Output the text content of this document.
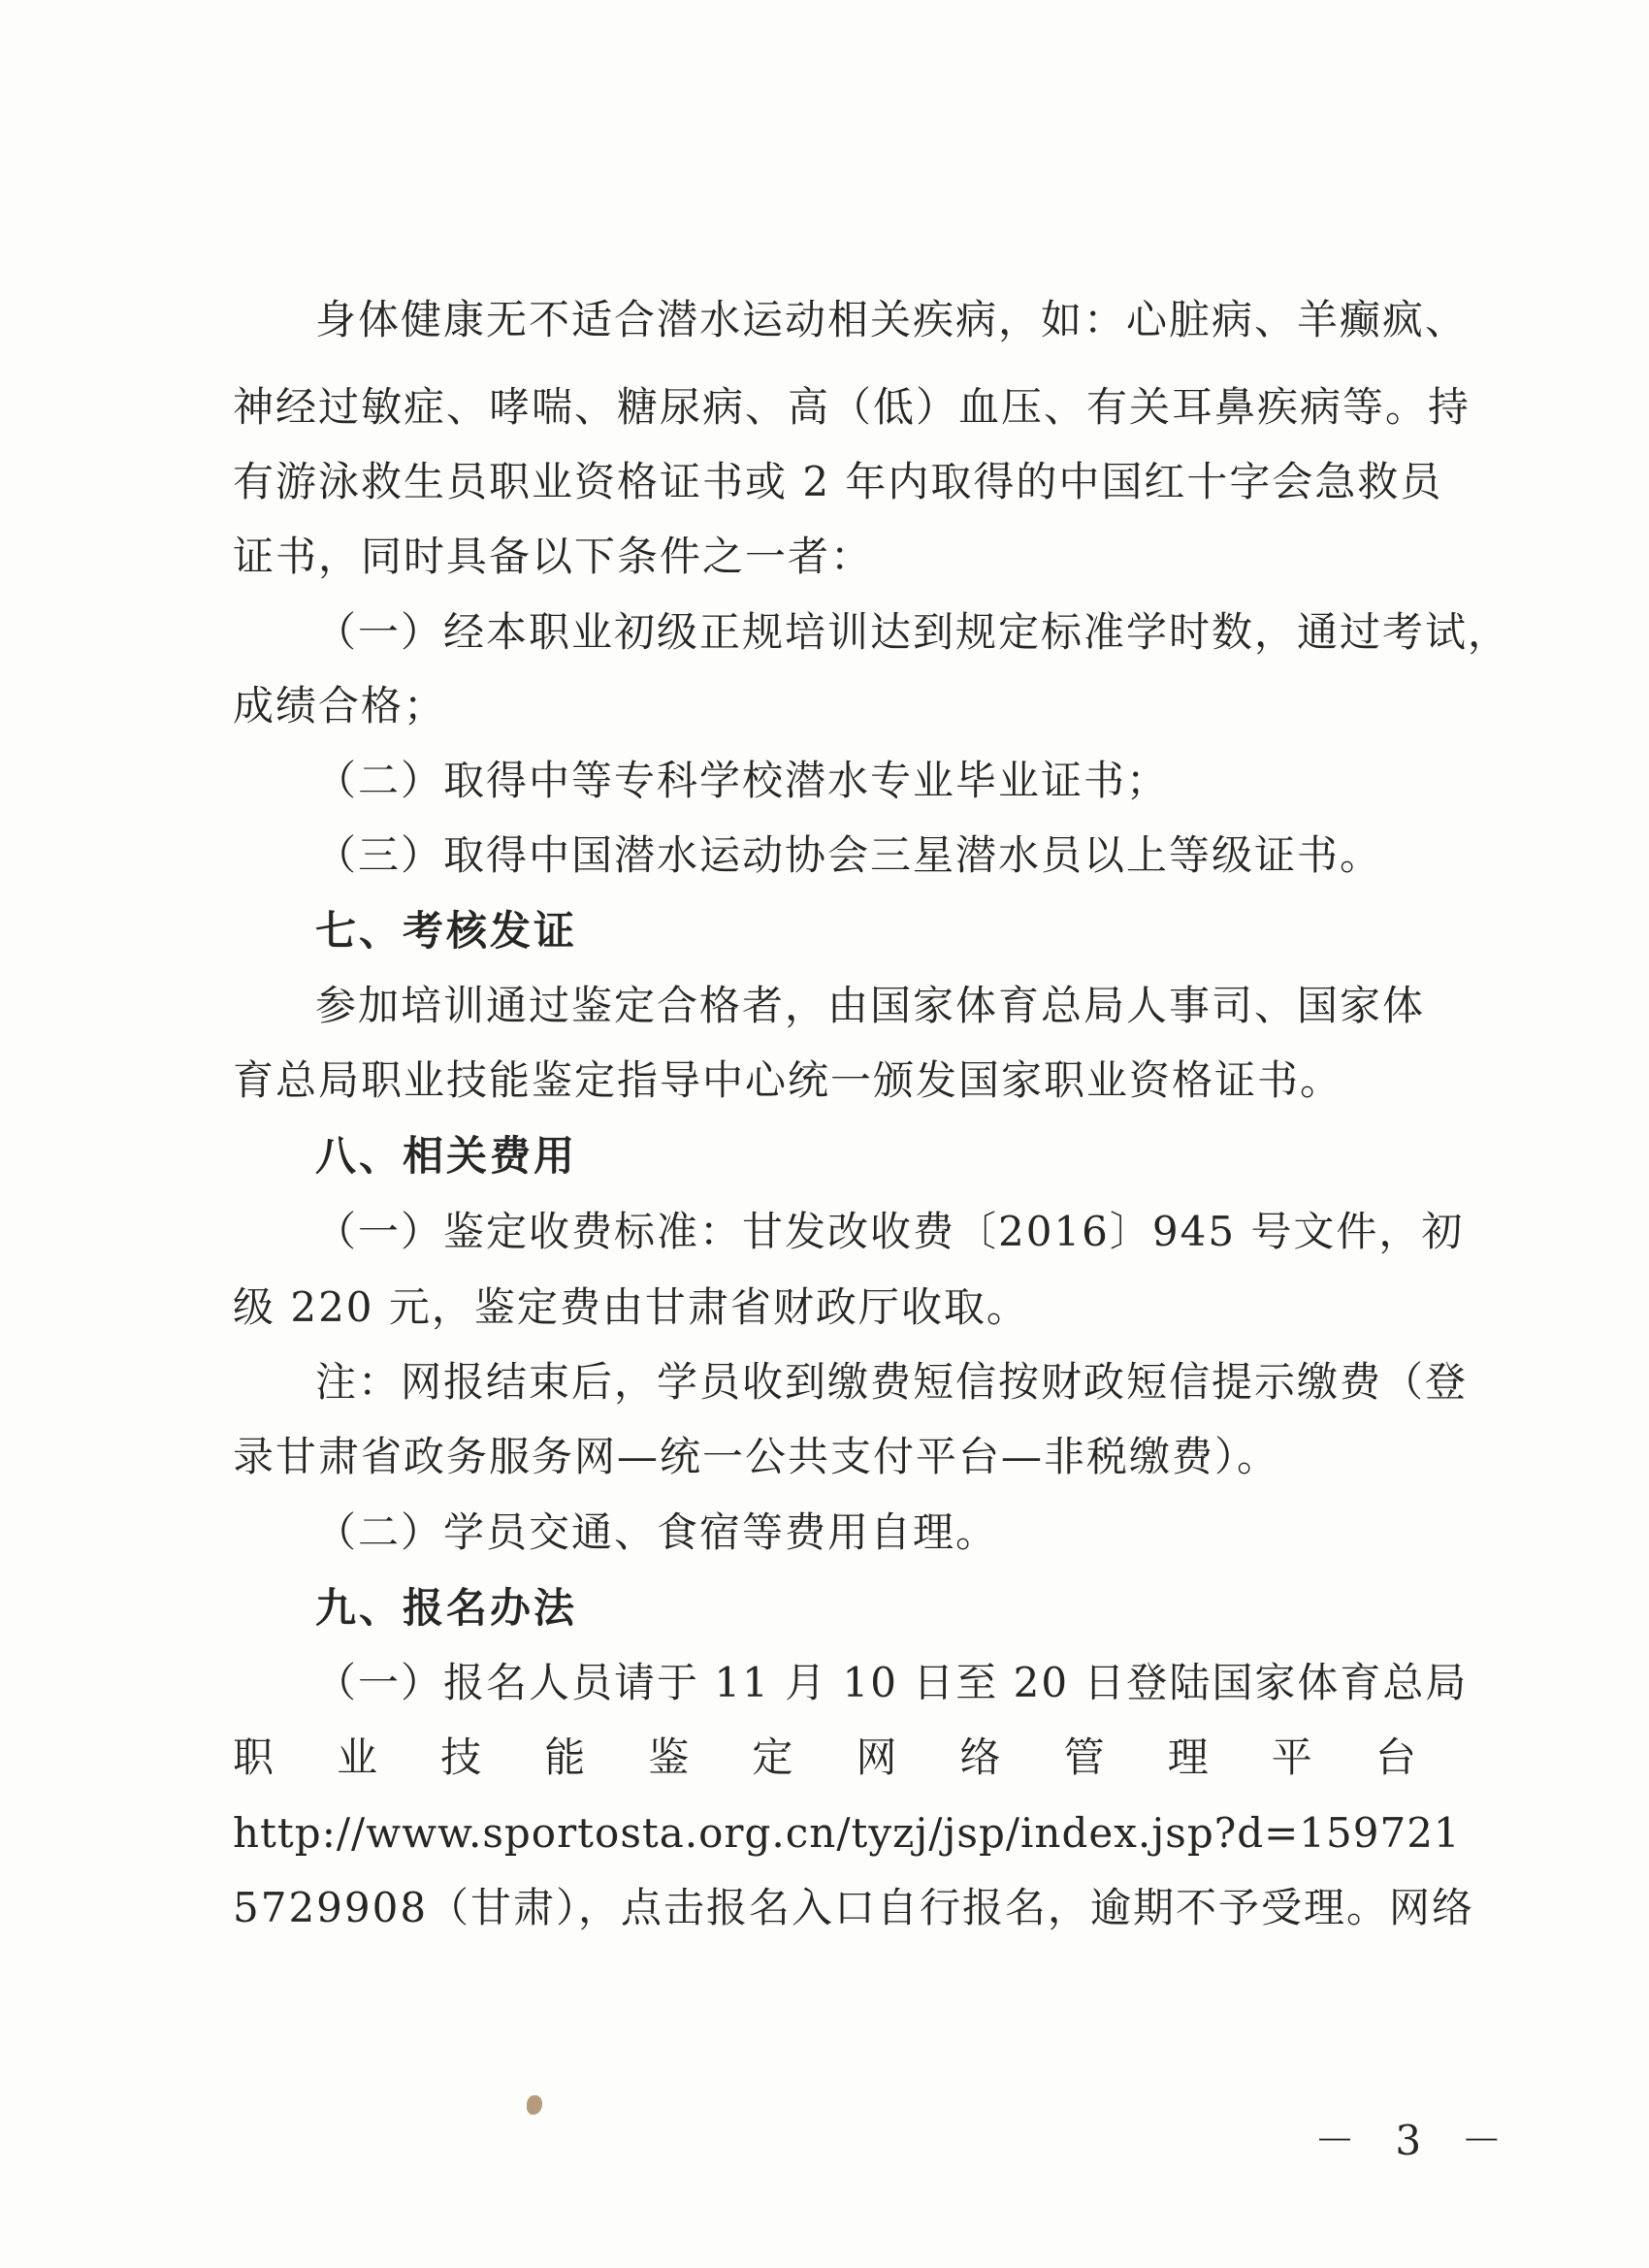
身体健康无不适合潜水运动相关疾病，如：心脏病、羊癫疯、
神经过敏症、哮喘、糖尿病、高（低）血压、有关耳鼻疾病等。持
有游泳救生员职业资格证书或 2 年内取得的中国红十字会急救员
证书，同时具备以下条件之一者：
（一）经本职业初级正规培训达到规定标准学时数，通过考试，
成绩合格；
（二）取得中等专科学校潜水专业毕业证书；
（三）取得中国潜水运动协会三星潜水员以上等级证书。
七、考核发证
参加培训通过鉴定合格者，由国家体育总局人事司、国家体
育总局职业技能鉴定指导中心统一颁发国家职业资格证书。
八、相关费用
（一）鉴定收费标准：甘发改收费〔2016〕945 号文件，初
级 220 元，鉴定费由甘肃省财政厅收取。
注：网报结束后，学员收到缴费短信按财政短信提示缴费（登
录甘肃省政务服务网—统一公共支付平台—非税缴费）。
（二）学员交通、食宿等费用自理。
九、报名办法
（一）报名人员请于 11 月 10 日至 20 日登陆国家体育总局
职 业 技 能 鉴 定 网 络 管 理 平 台
http://www.sportosta.org.cn/tyzj/jsp/index.jsp?d=159721
5729908（甘肃），点击报名入口自行报名，逾期不予受理。网络
－ 3 －
